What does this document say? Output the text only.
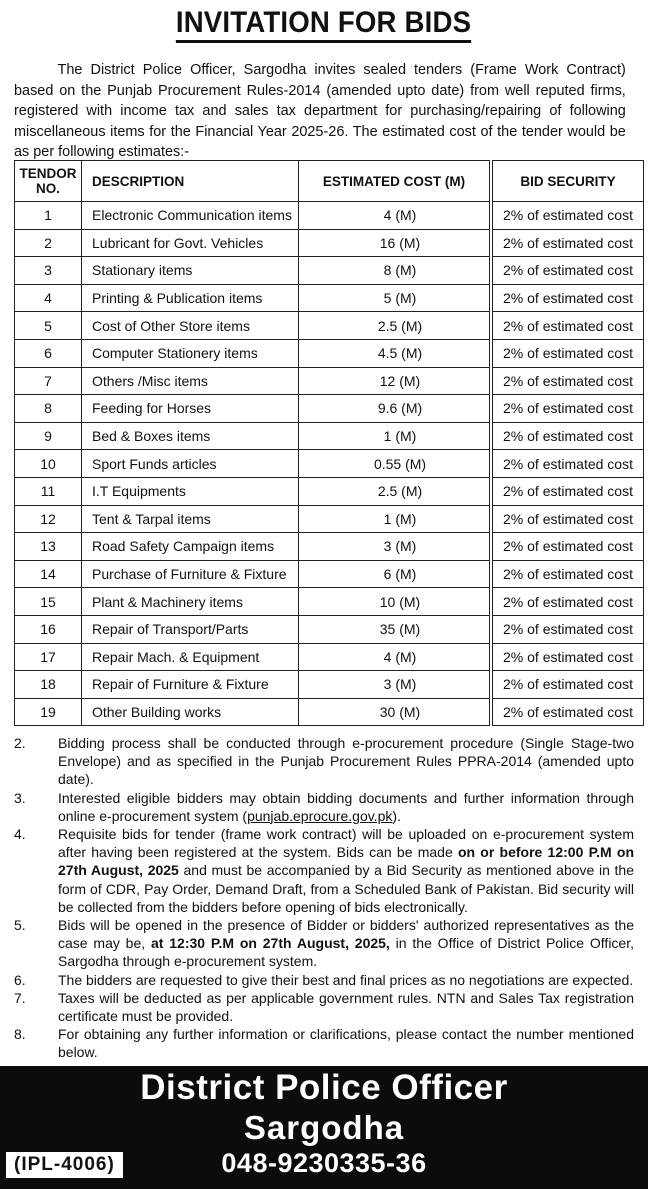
INVITATION FOR BIDS
The District Police Officer, Sargodha invites sealed tenders (Frame Work Contract) based on the Punjab Procurement Rules-2014 (amended upto date) from well reputed firms, registered with income tax and sales tax department for purchasing/repairing of following miscellaneous items for the Financial Year 2025-26. The estimated cost of the tender would be as per following estimates:-
TENDOR
NO.	DESCRIPTION	ESTIMATED COST (M)	BID SECURITY
1	Electronic Communication items	4 (M)	2% of estimated cost
2	Lubricant for Govt. Vehicles	16 (M)	2% of estimated cost
3	Stationary items	8 (M)	2% of estimated cost
4	Printing & Publication items	5 (M)	2% of estimated cost
5	Cost of Other Store items	2.5 (M)	2% of estimated cost
6	Computer Stationery items	4.5 (M)	2% of estimated cost
7	Others /Misc items	12 (M)	2% of estimated cost
8	Feeding for Horses	9.6 (M)	2% of estimated cost
9	Bed & Boxes items	1 (M)	2% of estimated cost
10	Sport Funds articles	0.55 (M)	2% of estimated cost
11	I.T Equipments	2.5 (M)	2% of estimated cost
12	Tent & Tarpal items	1 (M)	2% of estimated cost
13	Road Safety Campaign items	3 (M)	2% of estimated cost
14	Purchase of Furniture & Fixture	6 (M)	2% of estimated cost
15	Plant & Machinery items	10 (M)	2% of estimated cost
16	Repair of Transport/Parts	35 (M)	2% of estimated cost
17	Repair Mach. & Equipment	4 (M)	2% of estimated cost
18	Repair of Furniture & Fixture	3 (M)	2% of estimated cost
19	Other Building works	30 (M)	2% of estimated cost
2.	Bidding process shall be conducted through e-procurement procedure (Single Stage-two Envelope) and as specified in the Punjab Procurement Rules PPRA-2014 (amended upto date).
3.	Interested eligible bidders may obtain bidding documents and further information through online e-procurement system (punjab.eprocure.gov.pk).
4.	Requisite bids for tender (frame work contract) will be uploaded on e-procurement system after having been registered at the system. Bids can be made on or before 12:00 P.M on 27th August, 2025 and must be accompanied by a Bid Security as mentioned above in the form of CDR, Pay Order, Demand Draft, from a Scheduled Bank of Pakistan. Bid security will be collected from the bidders before opening of bids electronically.
5.	Bids will be opened in the presence of Bidder or bidders' authorized representatives as the case may be, at 12:30 P.M on 27th August, 2025, in the Office of District Police Officer, Sargodha through e-procurement system.
6.	The bidders are requested to give their best and final prices as no negotiations are expected.
7.	Taxes will be deducted as per applicable government rules. NTN and Sales Tax registration certificate must be provided.
8.	For obtaining any further information or clarifications, please contact the number mentioned below.
District Police Officer
Sargodha
048-9230335-36
(IPL-4006)
